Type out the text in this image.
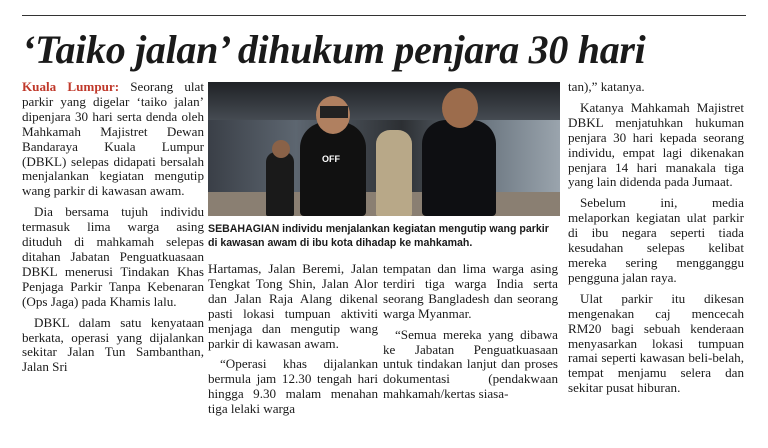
‘Taiko jalan’ dihukum penjara 30 hari

Kuala Lumpur: Seorang ulat parkir yang digelar ‘taiko jalan’ dipenjara 30 hari serta denda oleh Mahkamah Majistret Dewan Bandaraya Kuala Lumpur (DBKL) selepas didapati bersalah menjalankan kegiatan mengutip wang parkir di kawasan awam.

Dia bersama tujuh individu termasuk lima warga asing dituduh di mahkamah selepas ditahan Jabatan Penguatkuasaan DBKL menerusi Tindakan Khas Penjaga Parkir Tanpa Kebenaran (Ops Jaga) pada Khamis lalu.

DBKL dalam satu kenyataan berkata, operasi yang dijalankan sekitar Jalan Tun Sambanthan, Jalan Sri

OFF
SEBAHAGIAN individu menjalankan kegiatan mengutip wang parkir di kawasan awam di ibu kota dihadap ke mahkamah.

Hartamas, Jalan Beremi, Jalan Tengkat Tong Shin, Jalan Alor dan Jalan Raja Alang dikenal pasti lokasi tumpuan aktiviti menjaga dan mengutip wang parkir di kawasan awam.

“Operasi khas dijalankan bermula jam 12.30 tengah hari hingga 9.30 malam menahan tiga lelaki warga

tempatan dan lima warga asing terdiri tiga warga India serta seorang Bangladesh dan seorang warga Myanmar.

“Semua mereka yang dibawa ke Jabatan Penguatkuasaan untuk tindakan lanjut dan proses dokumentasi (pendakwaan mahkamah/kertas siasa-

tan),” katanya.

Katanya Mahkamah Majistret DBKL menjatuhkan hukuman penjara 30 hari kepada seorang individu, empat lagi dikenakan penjara 14 hari manakala tiga yang lain didenda pada Jumaat.

Sebelum ini, media melaporkan kegiatan ulat parkir di ibu negara seperti tiada kesudahan selepas kelibat mereka sering mengganggu pengguna jalan raya.

Ulat parkir itu dikesan mengenakan caj mencecah RM20 bagi sebuah kenderaan menyasarkan lokasi tumpuan ramai seperti kawasan beli-belah, tempat menjamu selera dan sekitar pusat hiburan.
